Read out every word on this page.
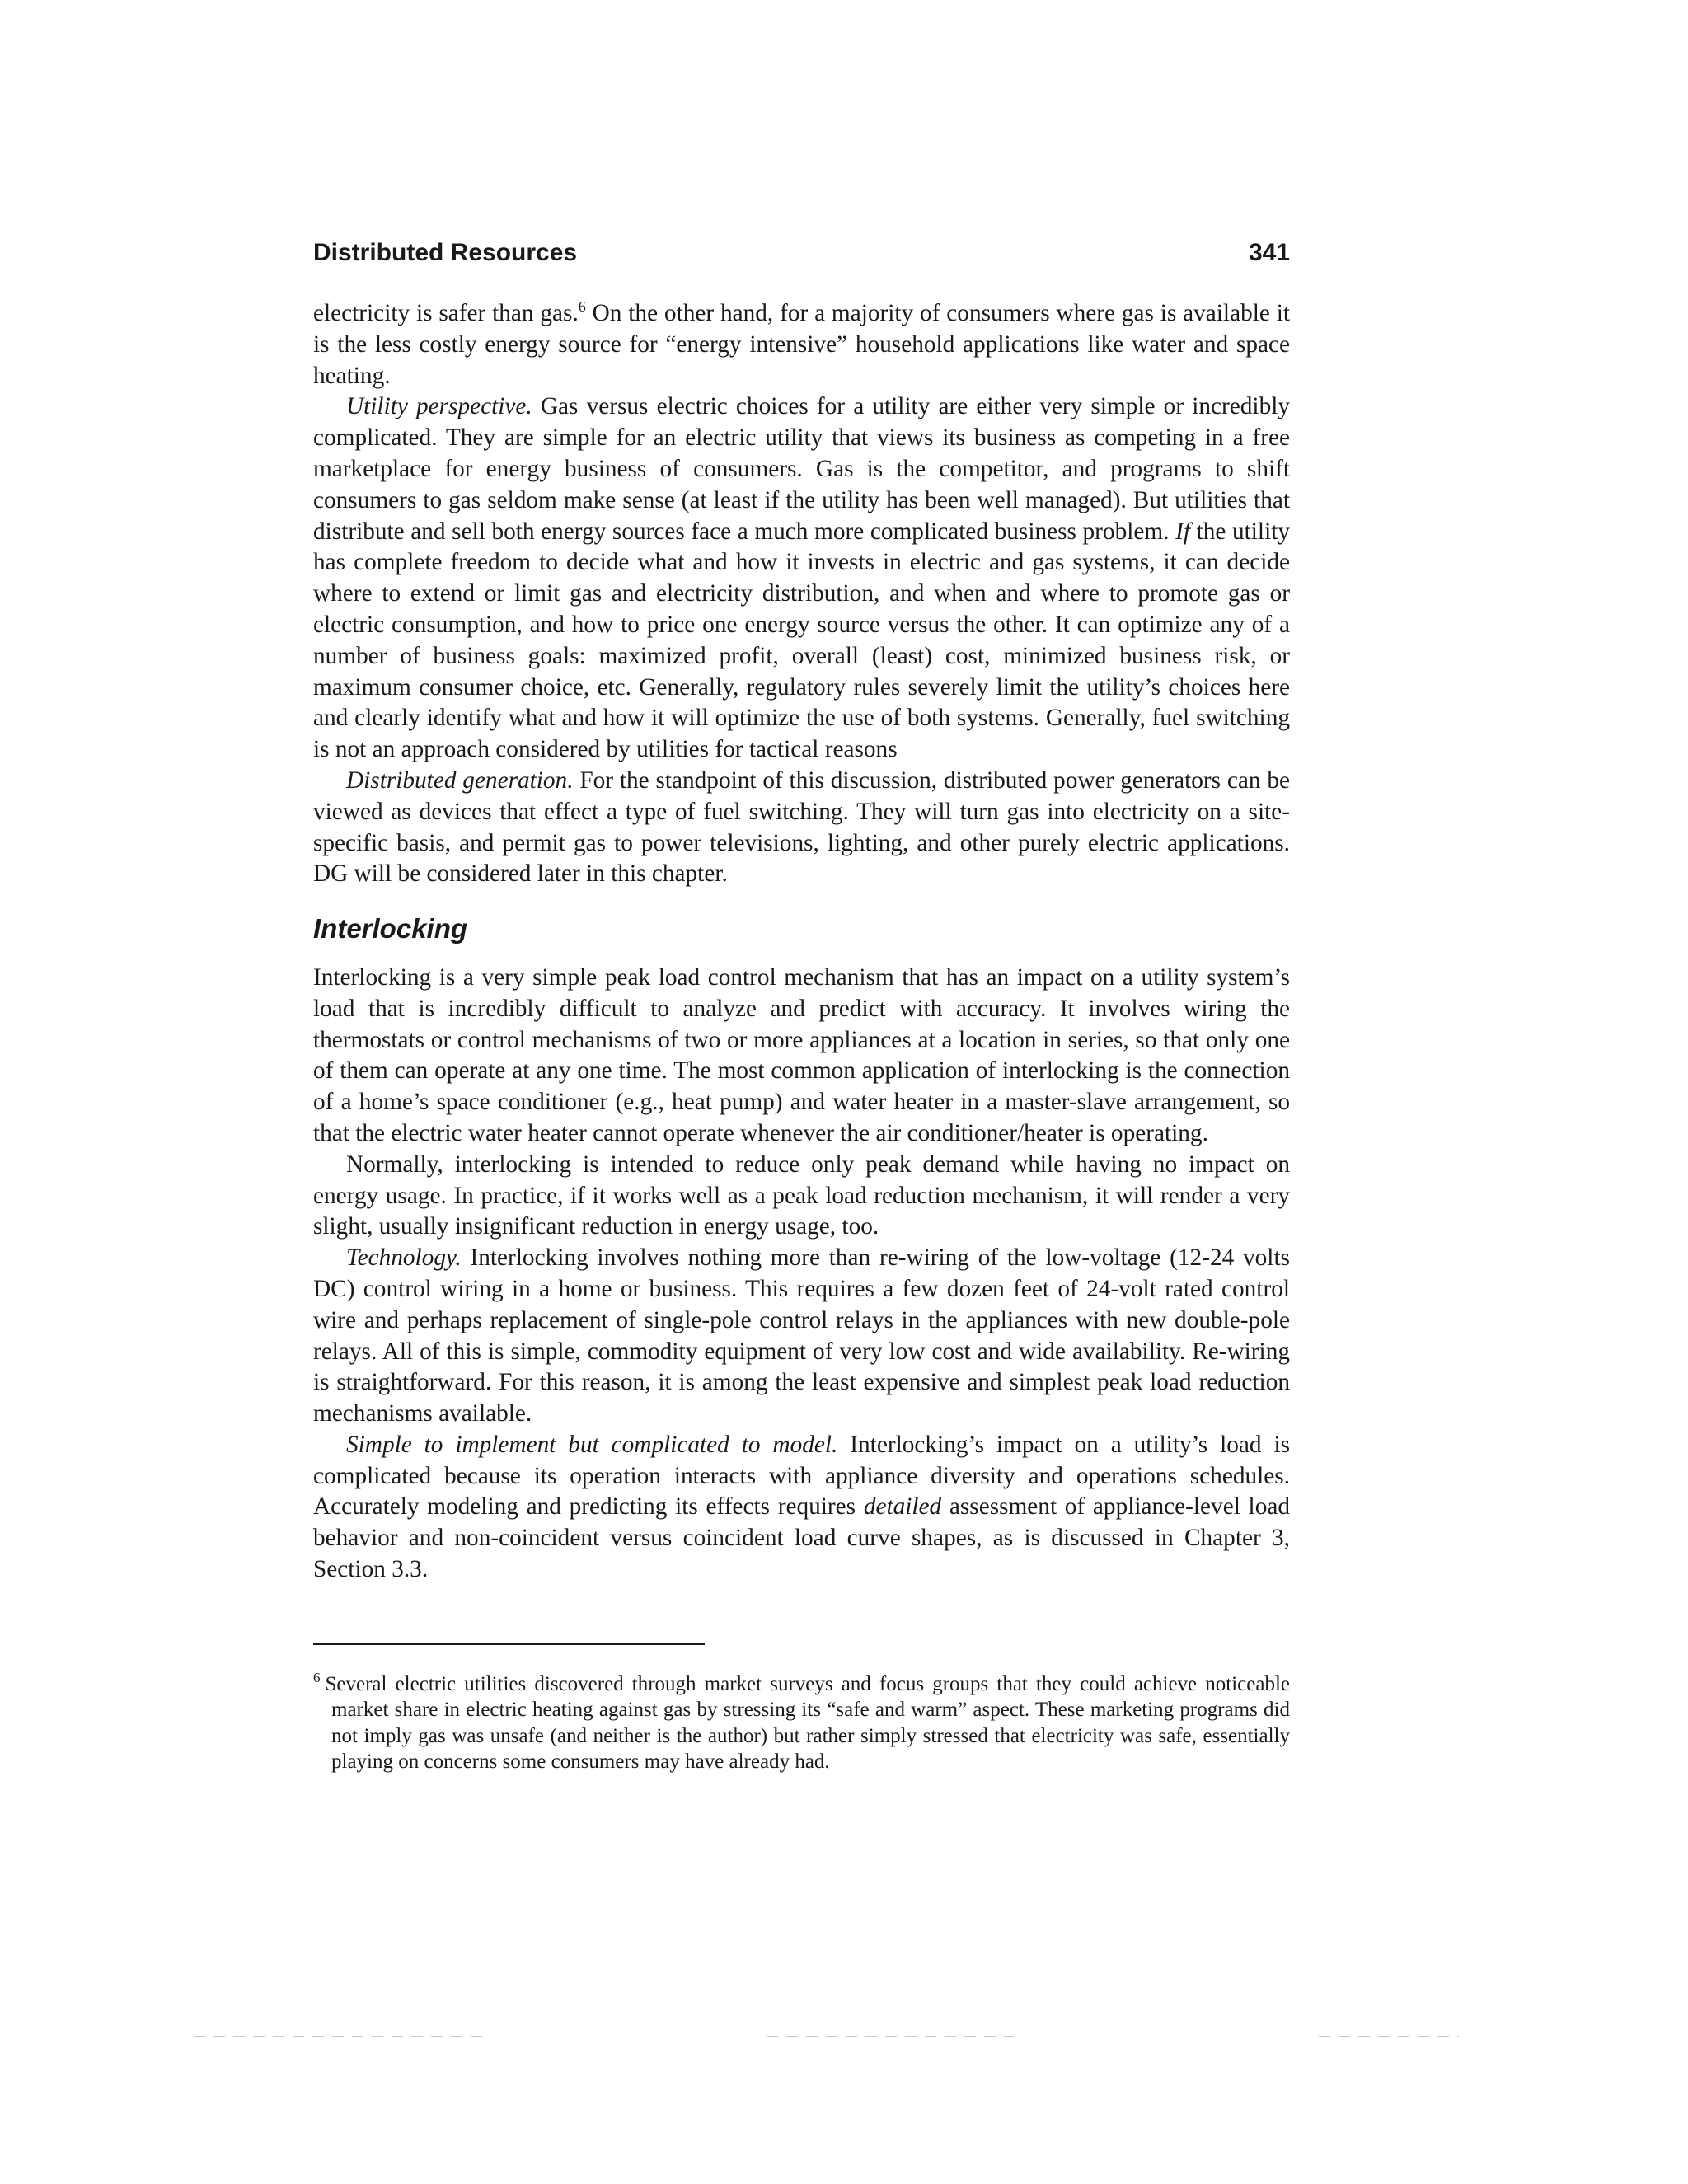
Distributed Resources	341

electricity is safer than gas.$^6$ On the other hand, for a majority of consumers where gas is available it is the less costly energy source for “energy intensive” household applications like water and space heating.

Utility perspective. Gas versus electric choices for a utility are either very simple or incredibly complicated. They are simple for an electric utility that views its business as competing in a free marketplace for energy business of consumers. Gas is the competitor, and programs to shift consumers to gas seldom make sense (at least if the utility has been well managed). But utilities that distribute and sell both energy sources face a much more complicated business problem. If the utility has complete freedom to decide what and how it invests in electric and gas systems, it can decide where to extend or limit gas and electricity distribution, and when and where to promote gas or electric consumption, and how to price one energy source versus the other. It can optimize any of a number of business goals: maximized profit, overall (least) cost, minimized business risk, or maximum consumer choice, etc. Generally, regulatory rules severely limit the utility’s choices here and clearly identify what and how it will optimize the use of both systems. Generally, fuel switching is not an approach considered by utilities for tactical reasons

Distributed generation. For the standpoint of this discussion, distributed power generators can be viewed as devices that effect a type of fuel switching. They will turn gas into electricity on a site-specific basis, and permit gas to power televisions, lighting, and other purely electric applications. DG will be considered later in this chapter.

Interlocking

Interlocking is a very simple peak load control mechanism that has an impact on a utility system’s load that is incredibly difficult to analyze and predict with accuracy. It involves wiring the thermostats or control mechanisms of two or more appliances at a location in series, so that only one of them can operate at any one time. The most common application of interlocking is the connection of a home’s space conditioner (e.g., heat pump) and water heater in a master-slave arrangement, so that the electric water heater cannot operate whenever the air conditioner/heater is operating.

Normally, interlocking is intended to reduce only peak demand while having no impact on energy usage. In practice, if it works well as a peak load reduction mechanism, it will render a very slight, usually insignificant reduction in energy usage, too.

Technology. Interlocking involves nothing more than re-wiring of the low-voltage (12-24 volts DC) control wiring in a home or business. This requires a few dozen feet of 24-volt rated control wire and perhaps replacement of single-pole control relays in the appliances with new double-pole relays. All of this is simple, commodity equipment of very low cost and wide availability. Re-wiring is straightforward. For this reason, it is among the least expensive and simplest peak load reduction mechanisms available.

Simple to implement but complicated to model. Interlocking’s impact on a utility’s load is complicated because its operation interacts with appliance diversity and operations schedules. Accurately modeling and predicting its effects requires detailed assessment of appliance-level load behavior and non-coincident versus coincident load curve shapes, as is discussed in Chapter 3, Section 3.3.

$^6$ Several electric utilities discovered through market surveys and focus groups that they could achieve noticeable market share in electric heating against gas by stressing its “safe and warm” aspect. These marketing programs did not imply gas was unsafe (and neither is the author) but rather simply stressed that electricity was safe, essentially playing on concerns some consumers may have already had.
